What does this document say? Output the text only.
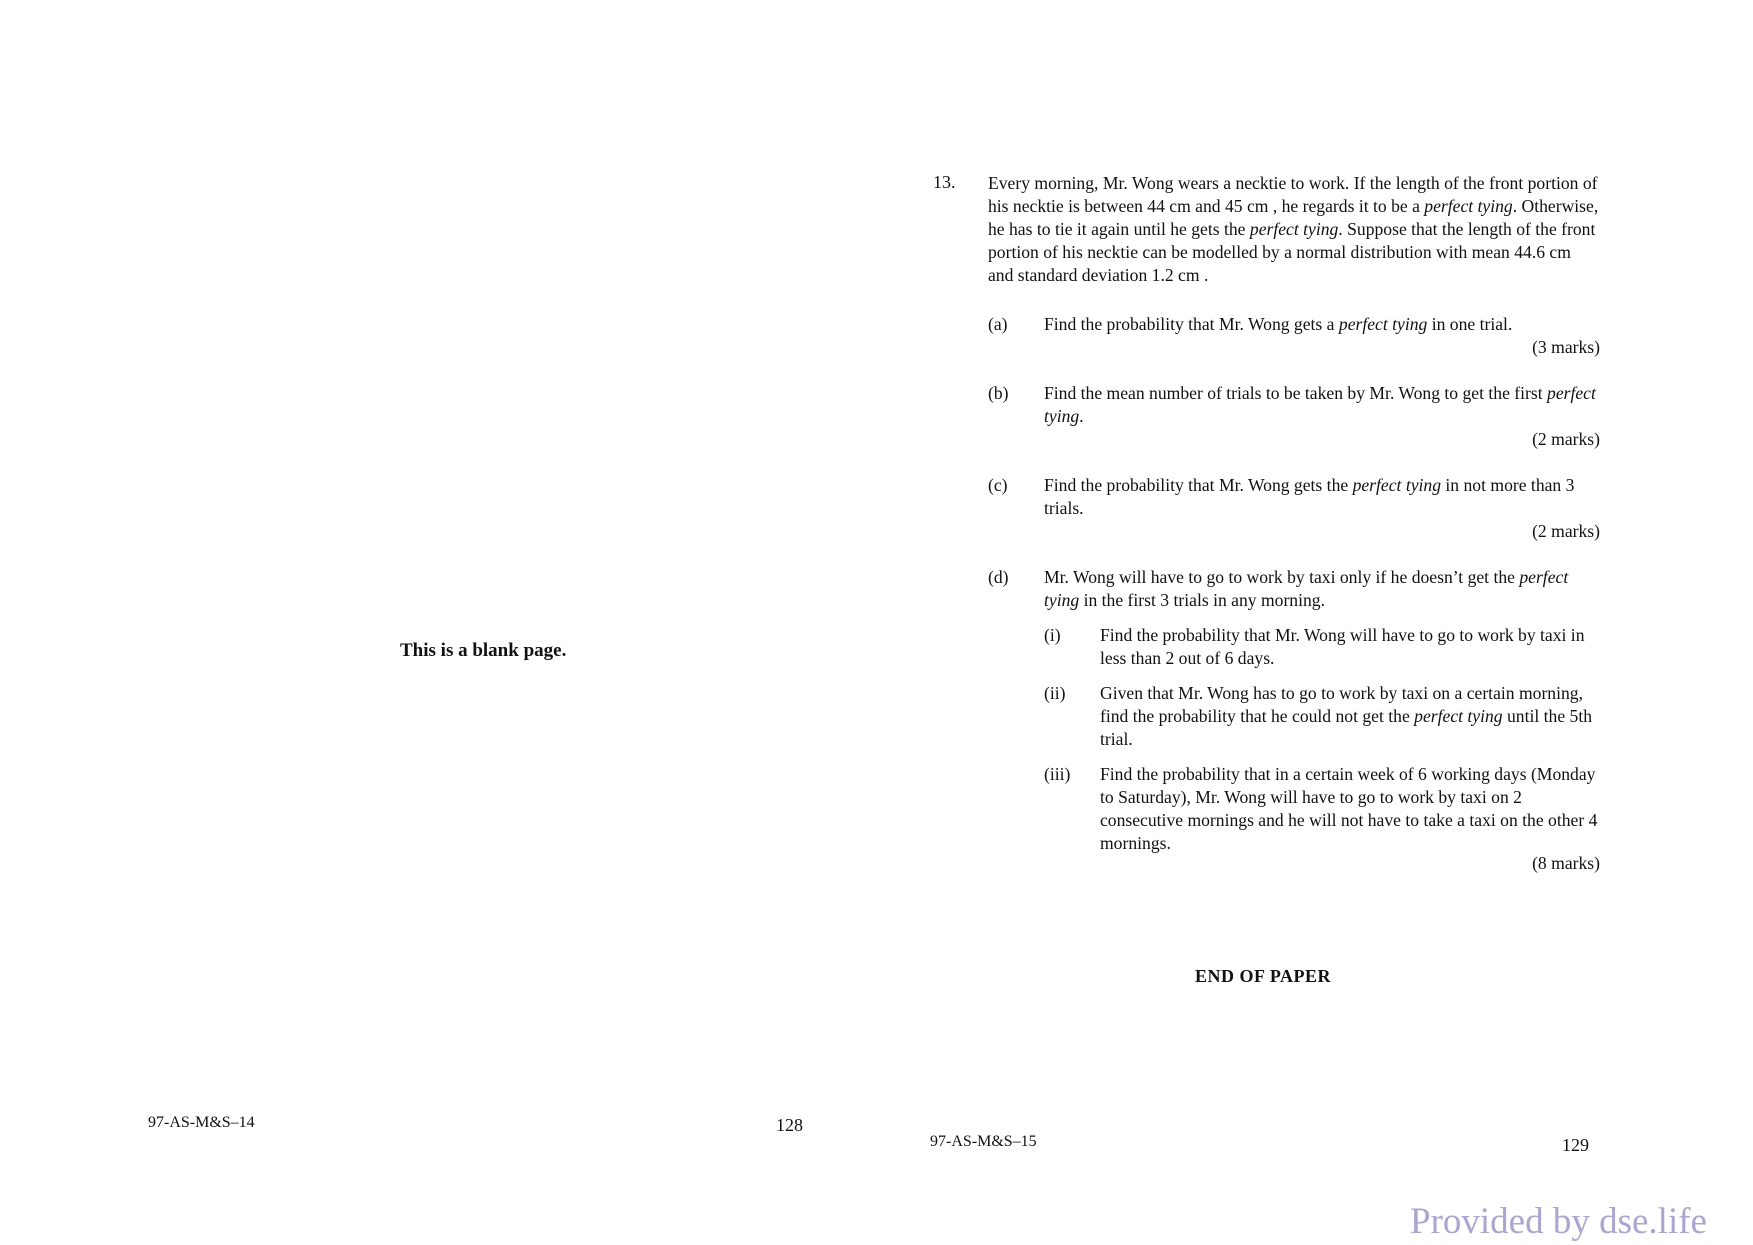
This is a blank page.
97-AS-M&S–14	128
13. Every morning, Mr. Wong wears a necktie to work. If the length of the front portion of his necktie is between 44 cm and 45 cm , he regards it to be a perfect tying. Otherwise, he has to tie it again until he gets the perfect tying. Suppose that the length of the front portion of his necktie can be modelled by a normal distribution with mean 44.6 cm and standard deviation 1.2 cm .
(a) Find the probability that Mr. Wong gets a perfect tying in one trial.
(3 marks)
(b) Find the mean number of trials to be taken by Mr. Wong to get the first perfect tying.
(2 marks)
(c) Find the probability that Mr. Wong gets the perfect tying in not more than 3 trials.
(2 marks)
(d) Mr. Wong will have to go to work by taxi only if he doesn’t get the perfect tying in the first 3 trials in any morning.
(i) Find the probability that Mr. Wong will have to go to work by taxi in less than 2 out of 6 days.
(ii) Given that Mr. Wong has to go to work by taxi on a certain morning, find the probability that he could not get the perfect tying until the 5th trial.
(iii) Find the probability that in a certain week of 6 working days (Monday to Saturday), Mr. Wong will have to go to work by taxi on 2 consecutive mornings and he will not have to take a taxi on the other 4 mornings.
(8 marks)
END OF PAPER
97-AS-M&S–15	129
Provided by dse.life
